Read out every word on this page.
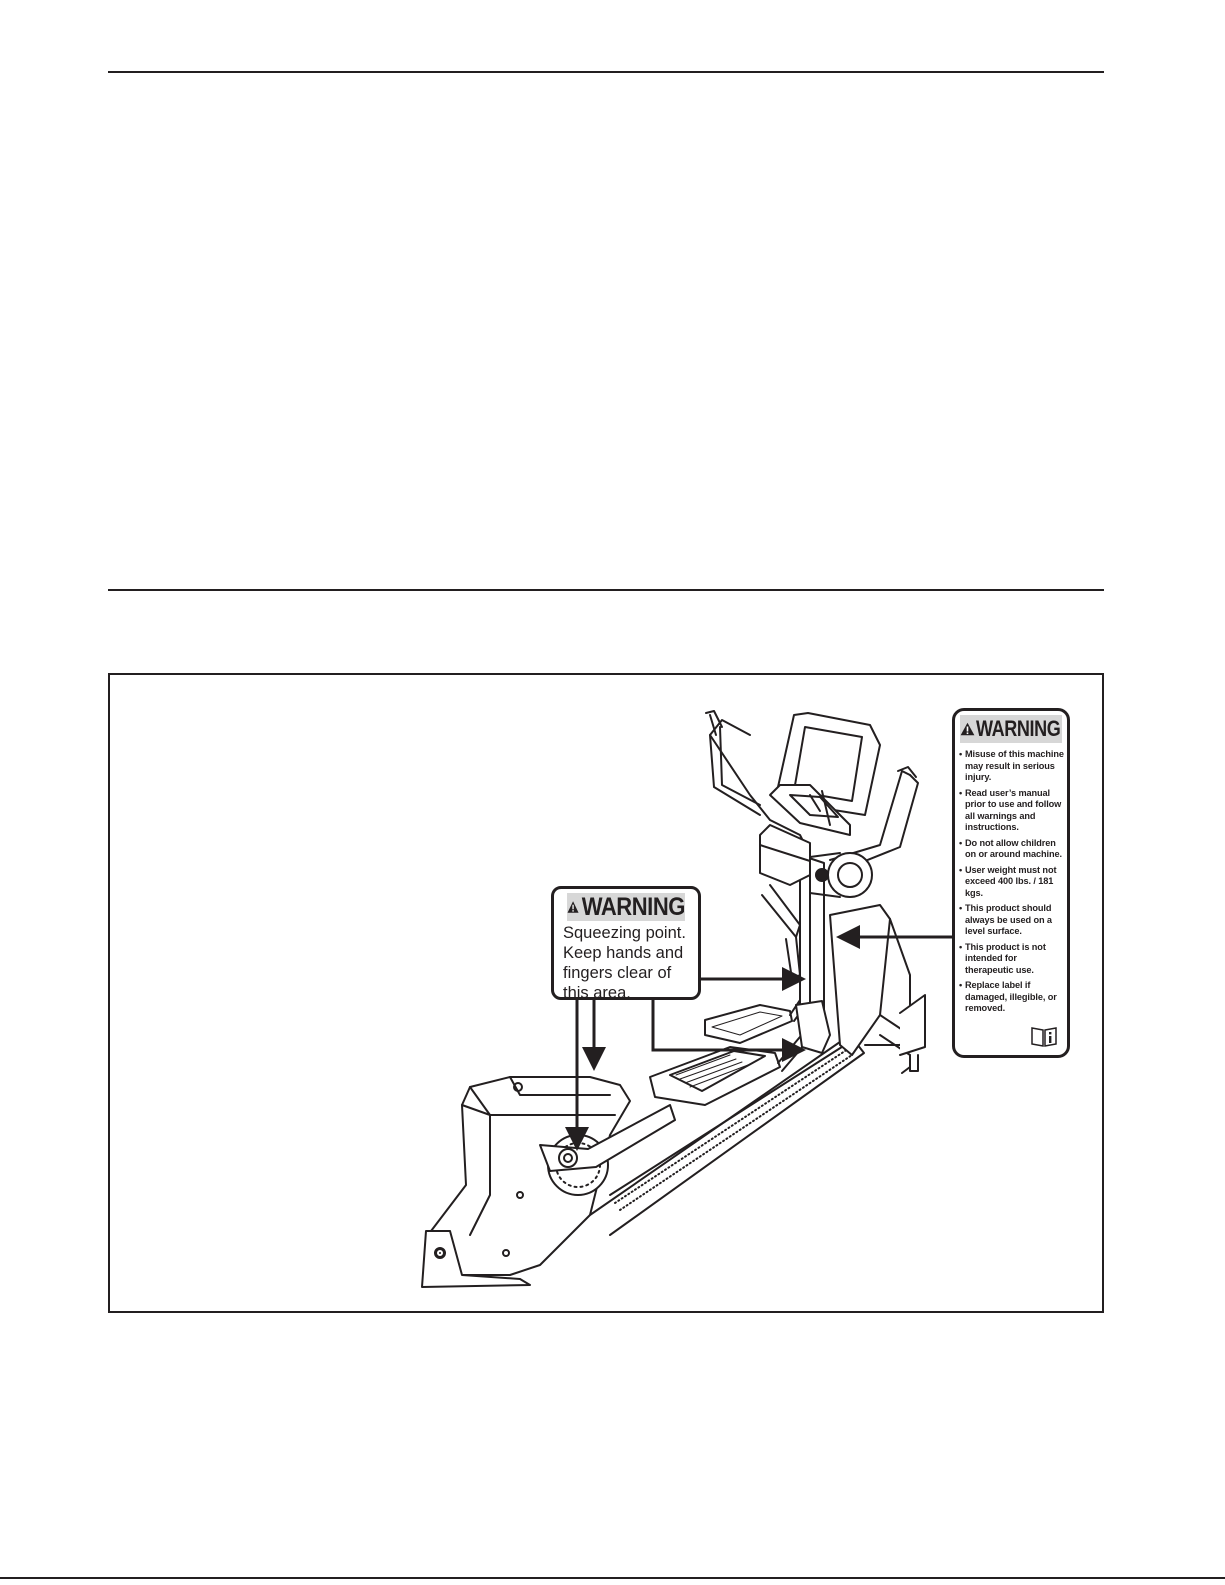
WARNING
Squeezing point.
Keep hands and
fingers clear of
this area.
WARNING
• Misuse of this machine may result in serious injury.
• Read user’s manual prior to use and follow all warnings and instructions.
• Do not allow children on or around machine.
• User weight must not exceed 400 lbs. / 181 kgs.
• This product should always be used on a level surface.
• This product is not intended for therapeutic use.
• Replace label if damaged, illegible, or removed.
